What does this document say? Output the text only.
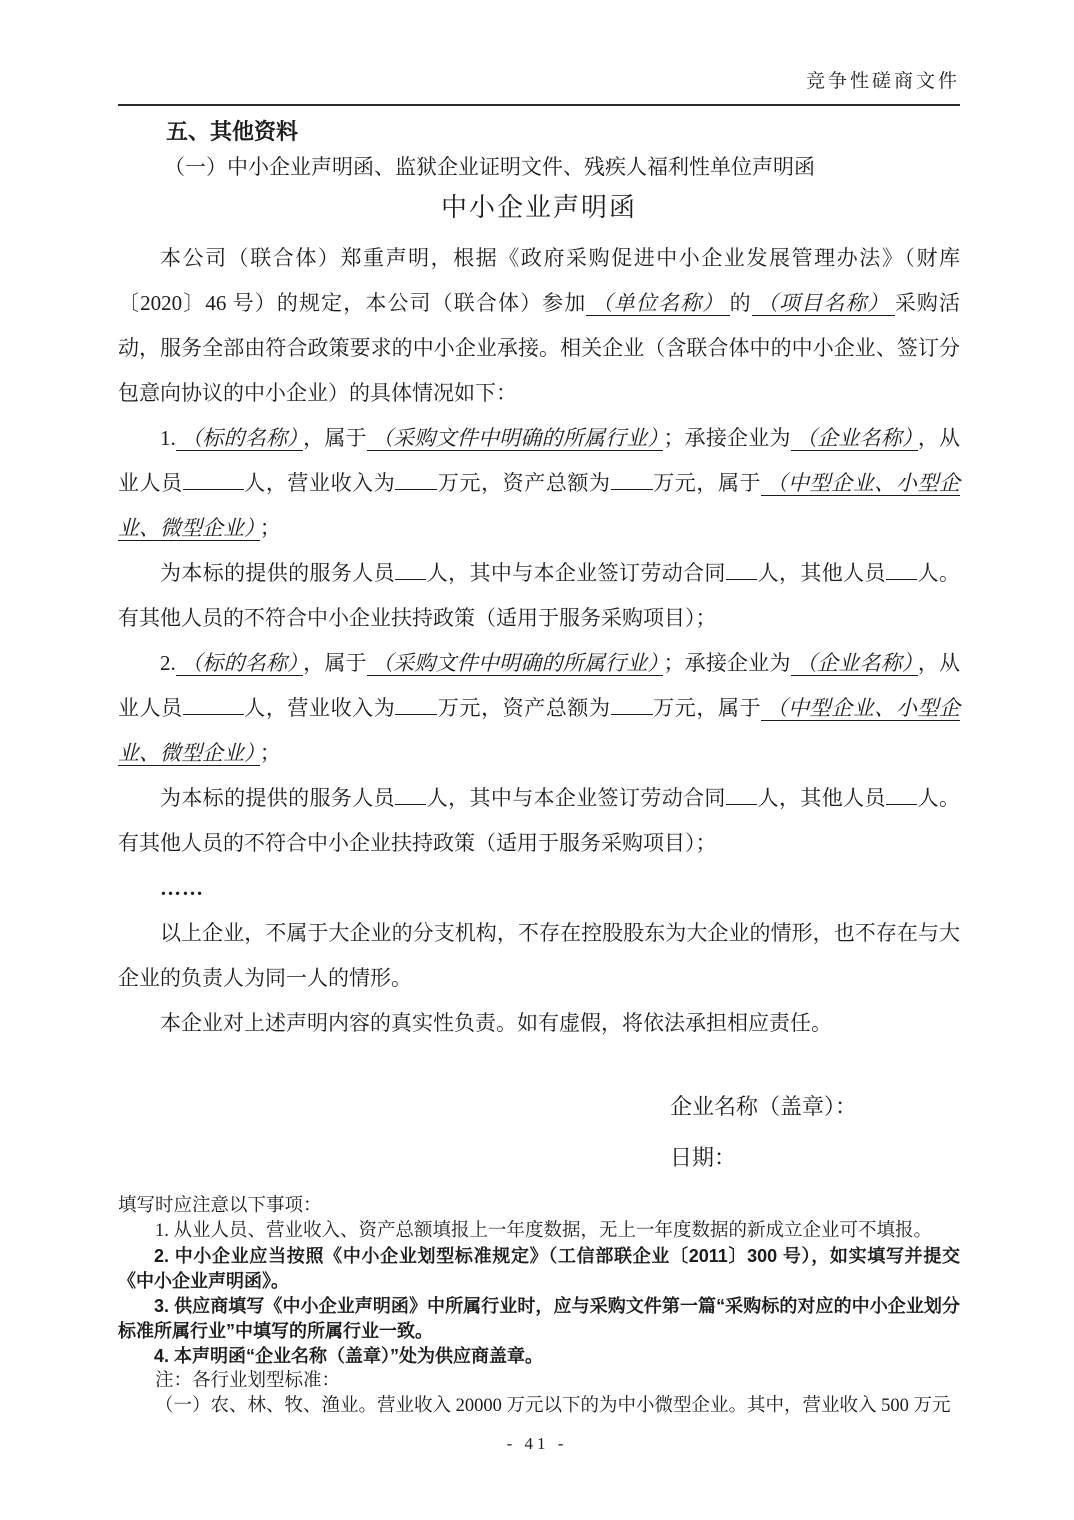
竞争性磋商文件
五、其他资料
（一）中小企业声明函、监狱企业证明文件、残疾人福利性单位声明函
中小企业声明函

本公司（联合体）郑重声明，根据《政府采购促进中小企业发展管理办法》（财库〔2020〕46 号）的规定，本公司（联合体）参加 （单位名称） 的 （项目名称） 采购活动，服务全部由符合政策要求的中小企业承接。相关企业（含联合体中的中小企业、签订分包意向协议的中小企业）的具体情况如下：

1. （标的名称） ，属于 （采购文件中明确的所属行业） ；承接企业为 （企业名称） ，从业人员	人，营业收入为 万元，资产总额为 万元，属于 （中型企业、小型企业、微型企业） ；

为本标的提供的服务人员 人，其中与本企业签订劳动合同 人，其他人员 人。有其他人员的不符合中小企业扶持政策（适用于服务采购项目）；

2. （标的名称） ，属于 （采购文件中明确的所属行业） ；承接企业为 （企业名称） ，从业人员	人，营业收入为 万元，资产总额为 万元，属于 （中型企业、小型企业、微型企业） ；

为本标的提供的服务人员 人，其中与本企业签订劳动合同 人，其他人员 人。有其他人员的不符合中小企业扶持政策（适用于服务采购项目）；

……

以上企业，不属于大企业的分支机构，不存在控股股东为大企业的情形，也不存在与大企业的负责人为同一人的情形。

本企业对上述声明内容的真实性负责。如有虚假，将依法承担相应责任。

企业名称（盖章）：
日期：
填写时应注意以下事项：
1. 从业人员、营业收入、资产总额填报上一年度数据，无上一年度数据的新成立企业可不填报。
2. 中小企业应当按照《中小企业划型标准规定》（工信部联企业〔2011〕300 号），如实填写并提交《中小企业声明函》。
3. 供应商填写《中小企业声明函》中所属行业时，应与采购文件第一篇“采购标的对应的中小企业划分标准所属行业”中填写的所属行业一致。
4. 本声明函“企业名称（盖章）”处为供应商盖章。
注：各行业划型标准：
（一）农、林、牧、渔业。营业收入 20000 万元以下的为中小微型企业。其中，营业收入 500 万元
- 41 -
